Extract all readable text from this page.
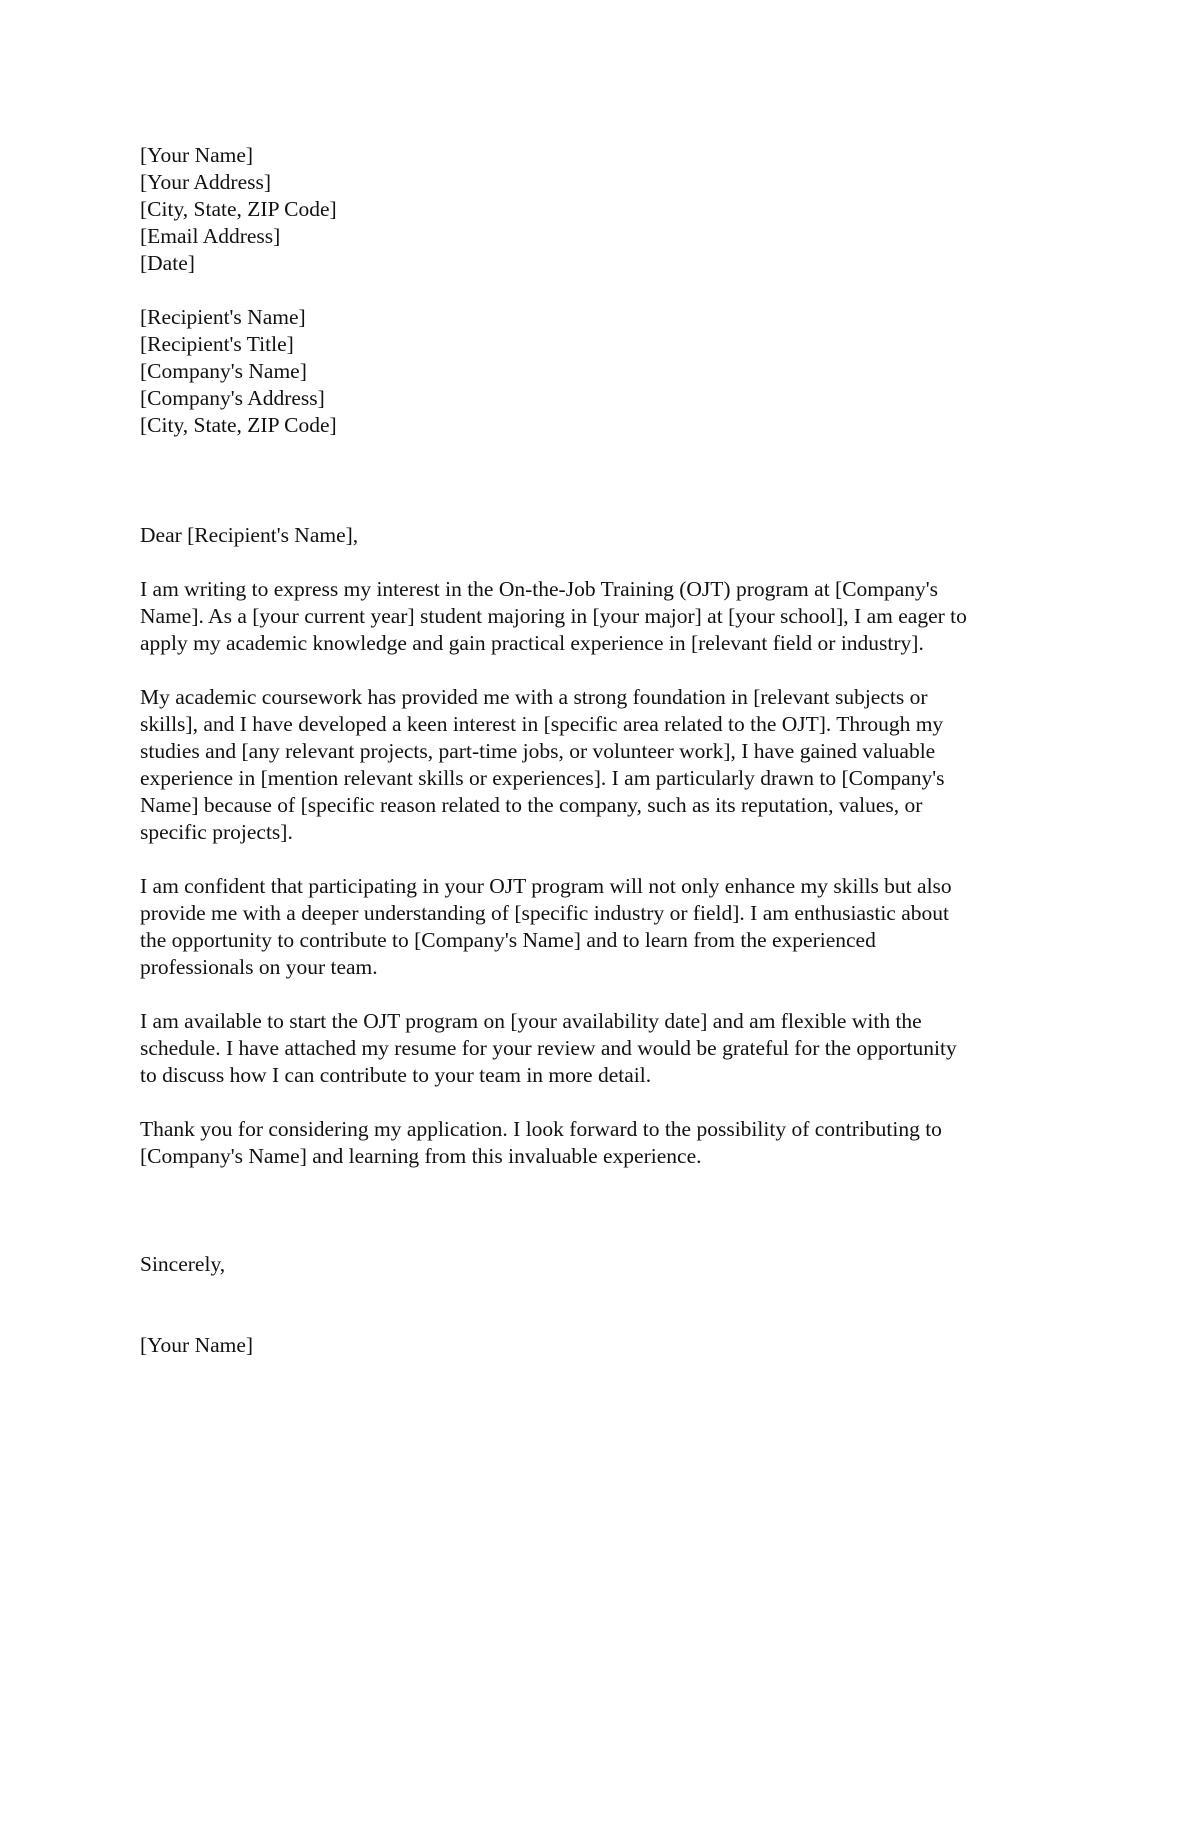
[Your Name]
[Your Address]
[City, State, ZIP Code]
[Email Address]
[Date]
[Recipient's Name]
[Recipient's Title]
[Company's Name]
[Company's Address]
[City, State, ZIP Code]
Dear [Recipient's Name],
I am writing to express my interest in the On-the-Job Training (OJT) program at [Company's
Name]. As a [your current year] student majoring in [your major] at [your school], I am eager to
apply my academic knowledge and gain practical experience in [relevant field or industry].
My academic coursework has provided me with a strong foundation in [relevant subjects or
skills], and I have developed a keen interest in [specific area related to the OJT]. Through my
studies and [any relevant projects, part-time jobs, or volunteer work], I have gained valuable
experience in [mention relevant skills or experiences]. I am particularly drawn to [Company's
Name] because of [specific reason related to the company, such as its reputation, values, or
specific projects].
I am confident that participating in your OJT program will not only enhance my skills but also
provide me with a deeper understanding of [specific industry or field]. I am enthusiastic about
the opportunity to contribute to [Company's Name] and to learn from the experienced
professionals on your team.
I am available to start the OJT program on [your availability date] and am flexible with the
schedule. I have attached my resume for your review and would be grateful for the opportunity
to discuss how I can contribute to your team in more detail.
Thank you for considering my application. I look forward to the possibility of contributing to
[Company's Name] and learning from this invaluable experience.
Sincerely,
[Your Name]
